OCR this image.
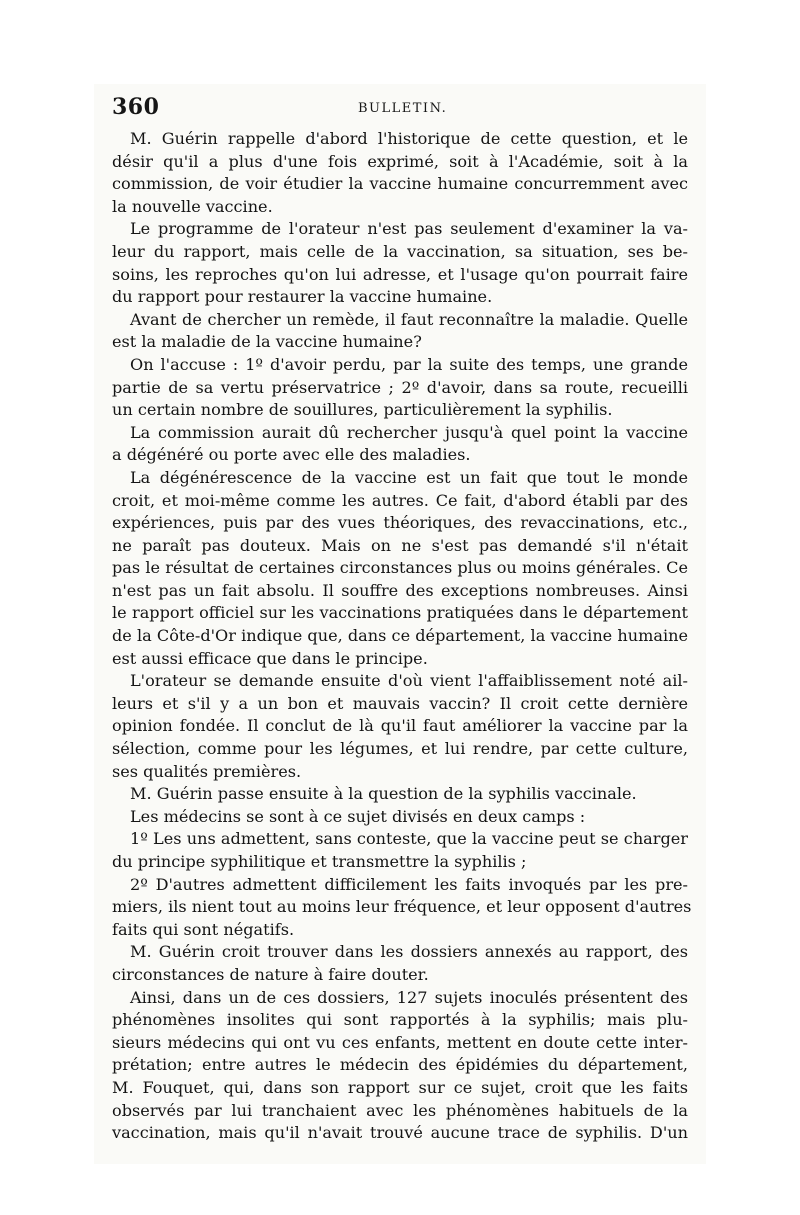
360	BULLETIN.
M. Guérin rappelle d'abord l'historique de cette question, et le
désir qu'il a plus d'une fois exprimé, soit à l'Académie, soit à la
commission, de voir étudier la vaccine humaine concurremment avec
la nouvelle vaccine.
Le programme de l'orateur n'est pas seulement d'examiner la va-
leur du rapport, mais celle de la vaccination, sa situation, ses be-
soins, les reproches qu'on lui adresse, et l'usage qu'on pourrait faire
du rapport pour restaurer la vaccine humaine.
Avant de chercher un remède, il faut reconnaître la maladie. Quelle
est la maladie de la vaccine humaine?
On l'accuse : 1º d'avoir perdu, par la suite des temps, une grande
partie de sa vertu préservatrice ; 2º d'avoir, dans sa route, recueilli
un certain nombre de souillures, particulièrement la syphilis.
La commission aurait dû rechercher jusqu'à quel point la vaccine
a dégénéré ou porte avec elle des maladies.
La dégénérescence de la vaccine est un fait que tout le monde
croit, et moi-même comme les autres. Ce fait, d'abord établi par des
expériences, puis par des vues théoriques, des revaccinations, etc.,
ne paraît pas douteux. Mais on ne s'est pas demandé s'il n'était
pas le résultat de certaines circonstances plus ou moins générales. Ce
n'est pas un fait absolu. Il souffre des exceptions nombreuses. Ainsi
le rapport officiel sur les vaccinations pratiquées dans le département
de la Côte-d'Or indique que, dans ce département, la vaccine humaine
est aussi efficace que dans le principe.
L'orateur se demande ensuite d'où vient l'affaiblissement noté ail-
leurs et s'il y a un bon et mauvais vaccin? Il croit cette dernière
opinion fondée. Il conclut de là qu'il faut améliorer la vaccine par la
sélection, comme pour les légumes, et lui rendre, par cette culture,
ses qualités premières.
M. Guérin passe ensuite à la question de la syphilis vaccinale.
Les médecins se sont à ce sujet divisés en deux camps :
1º Les uns admettent, sans conteste, que la vaccine peut se charger
du principe syphilitique et transmettre la syphilis ;
2º D'autres admettent difficilement les faits invoqués par les pre-
miers, ils nient tout au moins leur fréquence, et leur opposent d'autres
faits qui sont négatifs.
M. Guérin croit trouver dans les dossiers annexés au rapport, des
circonstances de nature à faire douter.
Ainsi, dans un de ces dossiers, 127 sujets inoculés présentent des
phénomènes insolites qui sont rapportés à la syphilis; mais plu-
sieurs médecins qui ont vu ces enfants, mettent en doute cette inter-
prétation; entre autres le médecin des épidémies du département,
M. Fouquet, qui, dans son rapport sur ce sujet, croit que les faits
observés par lui tranchaient avec les phénomènes habituels de la
vaccination, mais qu'il n'avait trouvé aucune trace de syphilis. D'un
